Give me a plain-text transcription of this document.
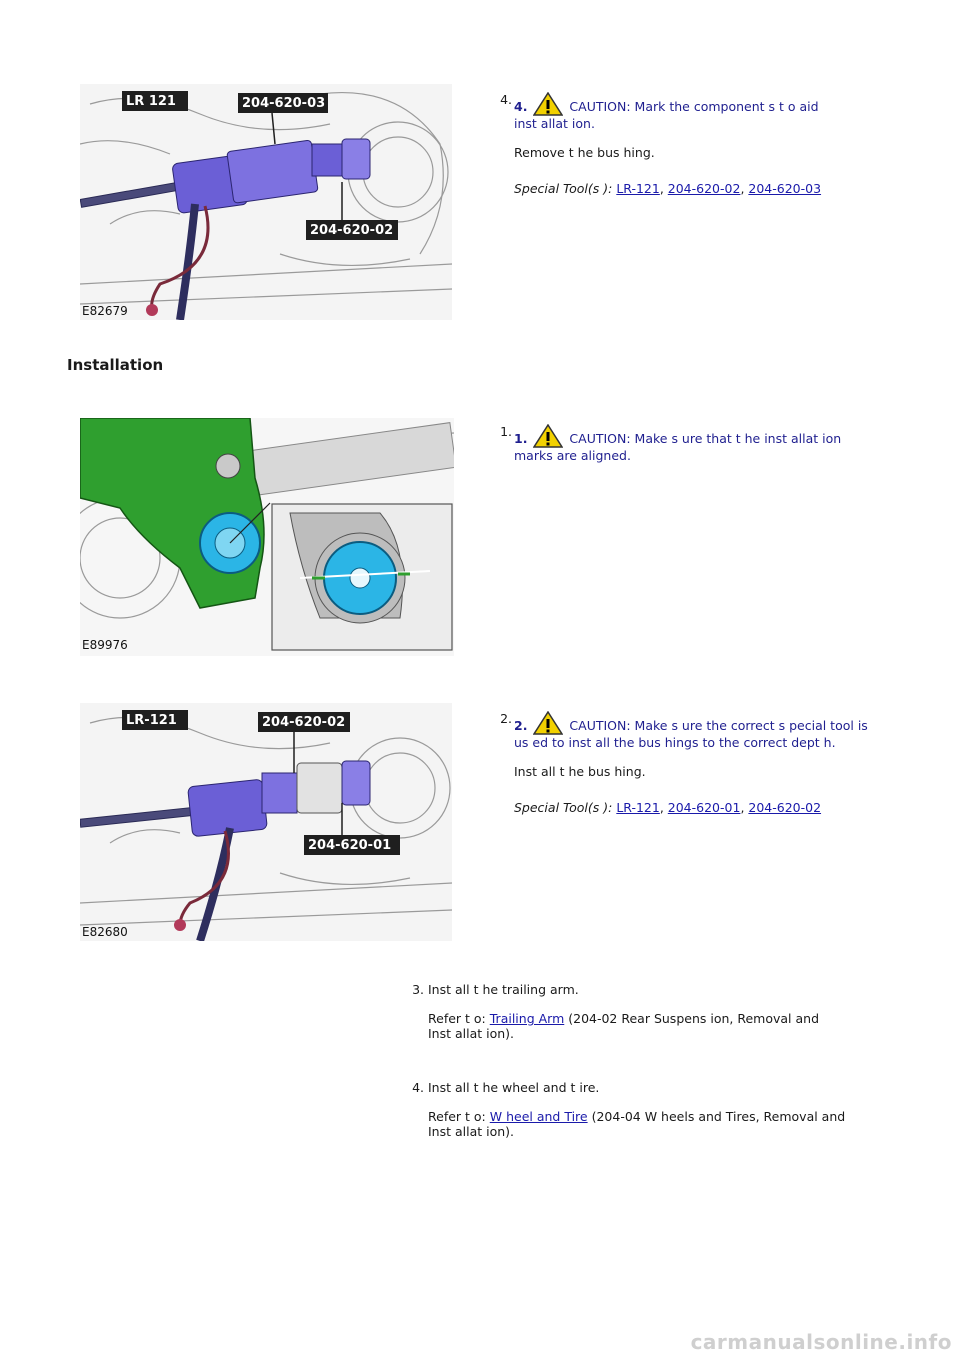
LR 121	204-620-03
204-620-02
E82679
4. 4.	CAUTION: Mark the component s t o aid
inst allat ion.
Remove t he bus hing.
Special Tool(s ): LR-121, 204-620-02, 204-620-03
Installation
E89976
1. 1.	CAUTION: Make s ure that t he inst allat ion
marks are aligned.
LR-121	204-620-02
204-620-01
E82680
2. 2.	CAUTION: Make s ure the correct s pecial tool is
us ed to inst all the bus hings to the correct dept h.
Inst all t he bus hing.
Special Tool(s ): LR-121, 204-620-01, 204-620-02
3. Inst all t he trailing arm.
Refer t o: Trailing Arm (204-02 Rear Suspens ion, Removal and
Inst allat ion).
4. Inst all t he wheel and t ire.
Refer t o: W heel and Tire (204-04 W heels and Tires, Removal and
Inst allat ion).
carmanualsonline.info
